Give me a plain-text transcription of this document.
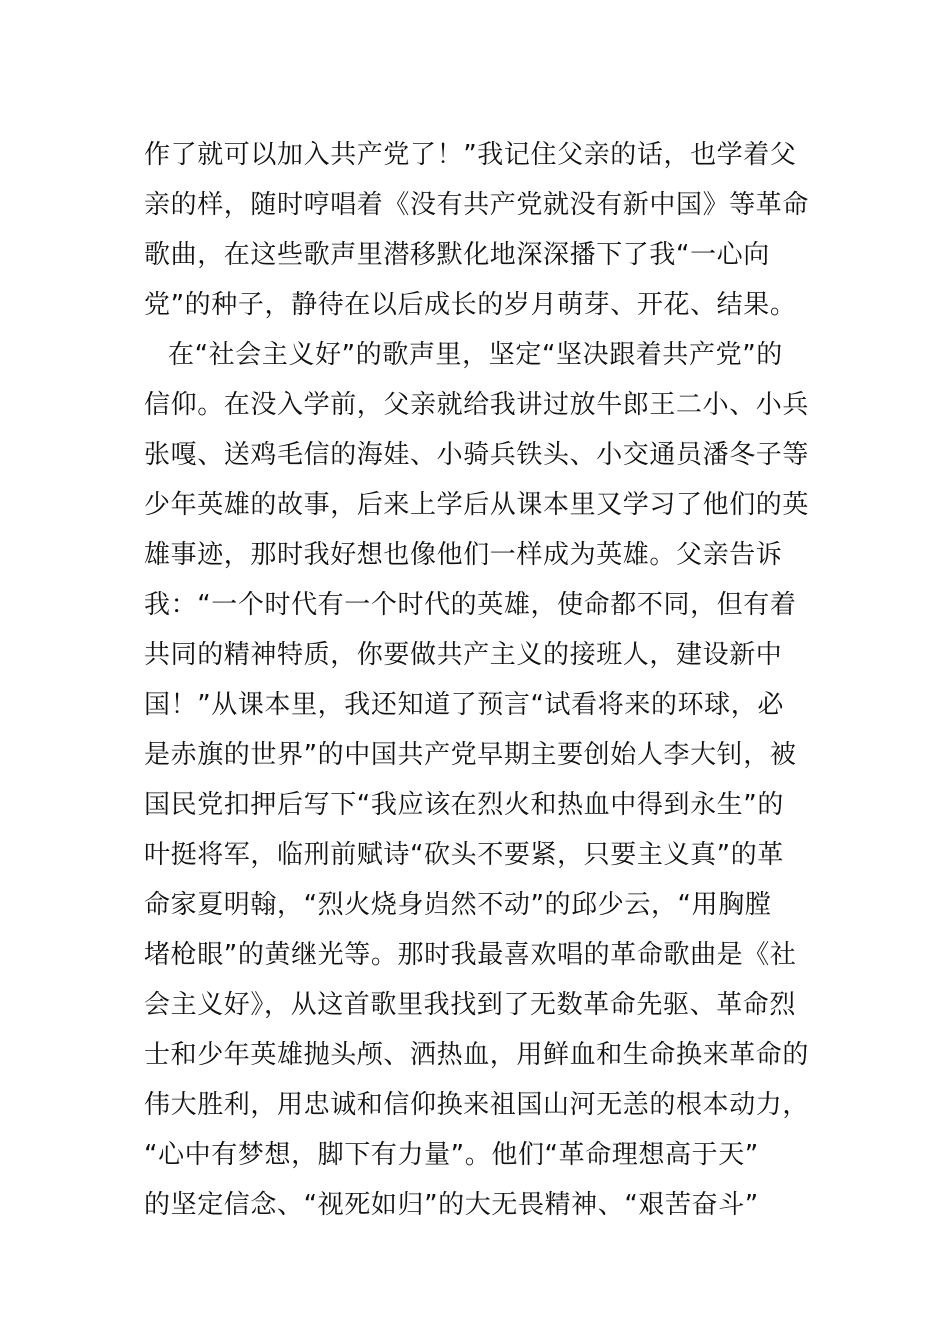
作了就可以加入共产党了！”我记住父亲的话，也学着父
亲的样，随时哼唱着《没有共产党就没有新中国》等革命
歌曲，在这些歌声里潜移默化地深深播下了我“一心向
党”的种子，静待在以后成长的岁月萌芽、开花、结果。
在“社会主义好”的歌声里，坚定“坚决跟着共产党”的
信仰。在没入学前，父亲就给我讲过放牛郎王二小、小兵
张嘎、送鸡毛信的海娃、小骑兵铁头、小交通员潘冬子等
少年英雄的故事，后来上学后从课本里又学习了他们的英
雄事迹，那时我好想也像他们一样成为英雄。父亲告诉
我：“一个时代有一个时代的英雄，使命都不同，但有着
共同的精神特质，你要做共产主义的接班人，建设新中
国！”从课本里，我还知道了预言“试看将来的环球，必
是赤旗的世界”的中国共产党早期主要创始人李大钊，被
国民党扣押后写下“我应该在烈火和热血中得到永生”的
叶挺将军，临刑前赋诗“砍头不要紧，只要主义真”的革
命家夏明翰，“烈火烧身岿然不动”的邱少云，“用胸膛
堵枪眼”的黄继光等。那时我最喜欢唱的革命歌曲是《社
会主义好》，从这首歌里我找到了无数革命先驱、革命烈
士和少年英雄抛头颅、洒热血，用鲜血和生命换来革命的
伟大胜利，用忠诚和信仰换来祖国山河无恙的根本动力，
“心中有梦想，脚下有力量”。他们“革命理想高于天”
的坚定信念、“视死如归”的大无畏精神、“艰苦奋斗”
